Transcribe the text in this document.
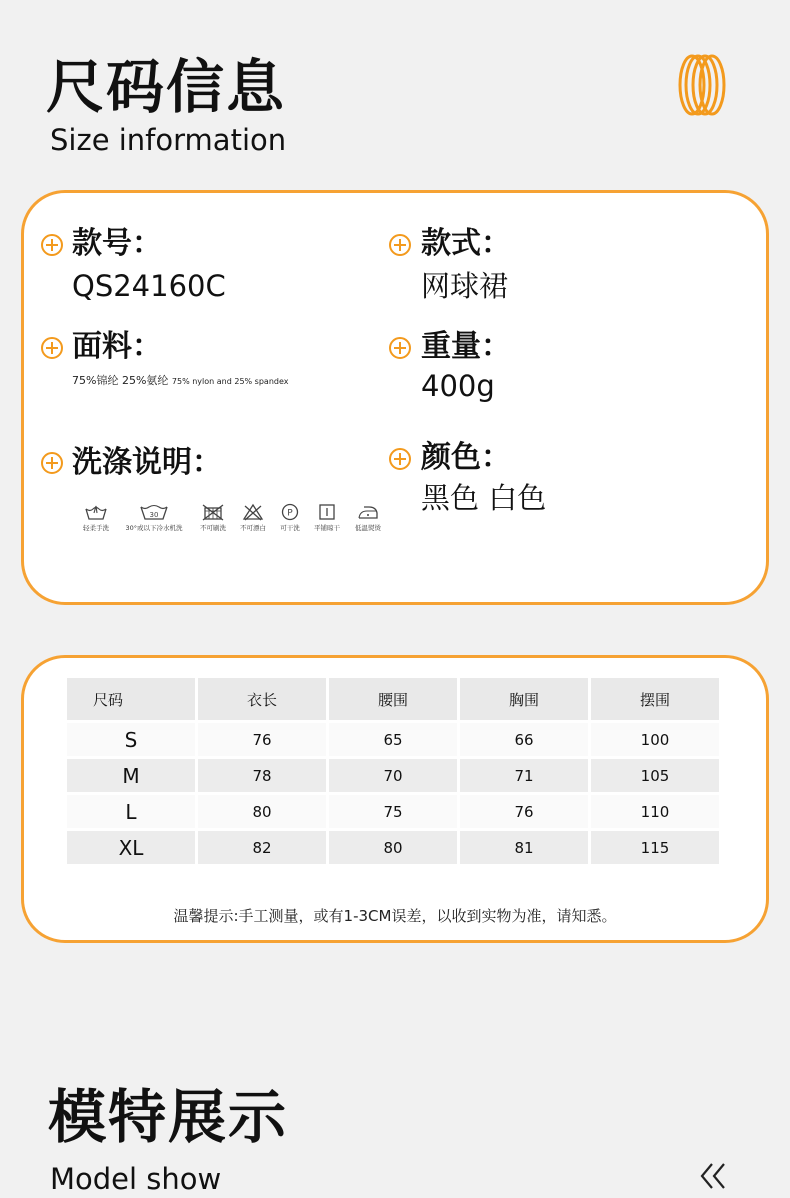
尺码信息
Size information
款号：
QS24160C
款式：
网球裙
面料：
75%锦纶 25%氨纶 75% nylon and 25% spandex
重量：
400g
洗涤说明：	颜色：
黑色 白色
轻柔手洗
30
30°或以下冷水机洗	不可刷洗	不可漂白
P
可干洗	平铺晾干	低温熨烫
尺码	衣长	腰围	胸围	摆围
S	76	65	66	100
M	78	70	71	105
L	80	75	76	110
XL	82	80	81	115
温馨提示:手工测量，或有1-3CM误差，以收到实物为准，请知悉。
模特展示
Model show
